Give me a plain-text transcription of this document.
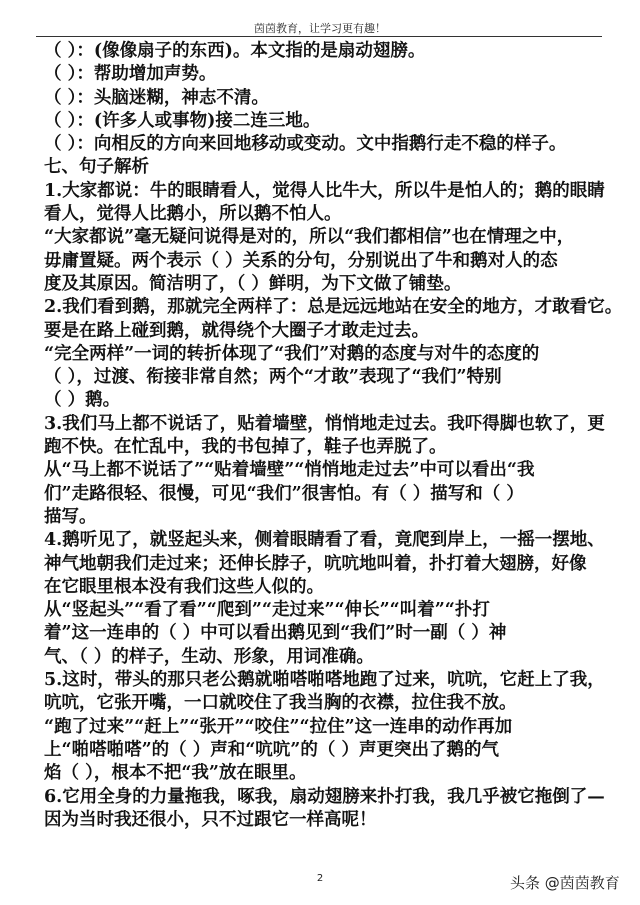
茵茵教育，让学习更有趣！
（ ）：(像像扇子的东西)。本文指的是扇动翅膀。
（ ）：帮助增加声势。
（ ）：头脑迷糊，神志不清。
（ ）：(许多人或事物)接二连三地。
（ ）：向相反的方向来回地移动或变动。文中指鹅行走不稳的样子。
七、句子解析
1.大家都说：牛的眼睛看人，觉得人比牛大，所以牛是怕人的；鹅的眼睛
看人，觉得人比鹅小，所以鹅不怕人。
“大家都说”毫无疑问说得是对的，所以“我们都相信”也在情理之中，
毋庸置疑。两个表示（ ）关系的分句，分别说出了牛和鹅对人的态
度及其原因。简洁明了，（ ）鲜明，为下文做了铺垫。
2.我们看到鹅，那就完全两样了：总是远远地站在安全的地方，才敢看它。
要是在路上碰到鹅，就得绕个大圈子才敢走过去。
“完全两样”一词的转折体现了“我们”对鹅的态度与对牛的态度的
（ ），过渡、衔接非常自然；两个“才敢”表现了“我们”特别
（ ）鹅。
3.我们马上都不说话了，贴着墙壁，悄悄地走过去。我吓得脚也软了，更
跑不快。在忙乱中，我的书包掉了，鞋子也弄脱了。
从“马上都不说话了”“贴着墙壁”“悄悄地走过去”中可以看出“我
们”走路很轻、很慢，可见“我们”很害怕。有（ ）描写和（ ）
描写。
4.鹅听见了，就竖起头来，侧着眼睛看了看，竟爬到岸上，一摇一摆地、
神气地朝我们走过来；还伸长脖子，吭吭地叫着，扑打着大翅膀，好像
在它眼里根本没有我们这些人似的。
从“竖起头”“看了看”“爬到”“走过来”“伸长”“叫着”“扑打
着”这一连串的（ ）中可以看出鹅见到“我们”时一副（ ）神
气、（ ）的样子，生动、形象，用词准确。
5.这时，带头的那只老公鹅就啪嗒啪嗒地跑了过来，吭吭，它赶上了我，
吭吭，它张开嘴，一口就咬住了我当胸的衣襟，拉住我不放。
“跑了过来”“赶上”“张开”“咬住”“拉住”这一连串的动作再加
上“啪嗒啪嗒”的（ ）声和“吭吭”的（ ）声更突出了鹅的气
焰（ ），根本不把“我”放在眼里。
6.它用全身的力量拖我，啄我，扇动翅膀来扑打我，我几乎被它拖倒了—
因为当时我还很小，只不过跟它一样高呢！
2	头条 @茵茵教育
